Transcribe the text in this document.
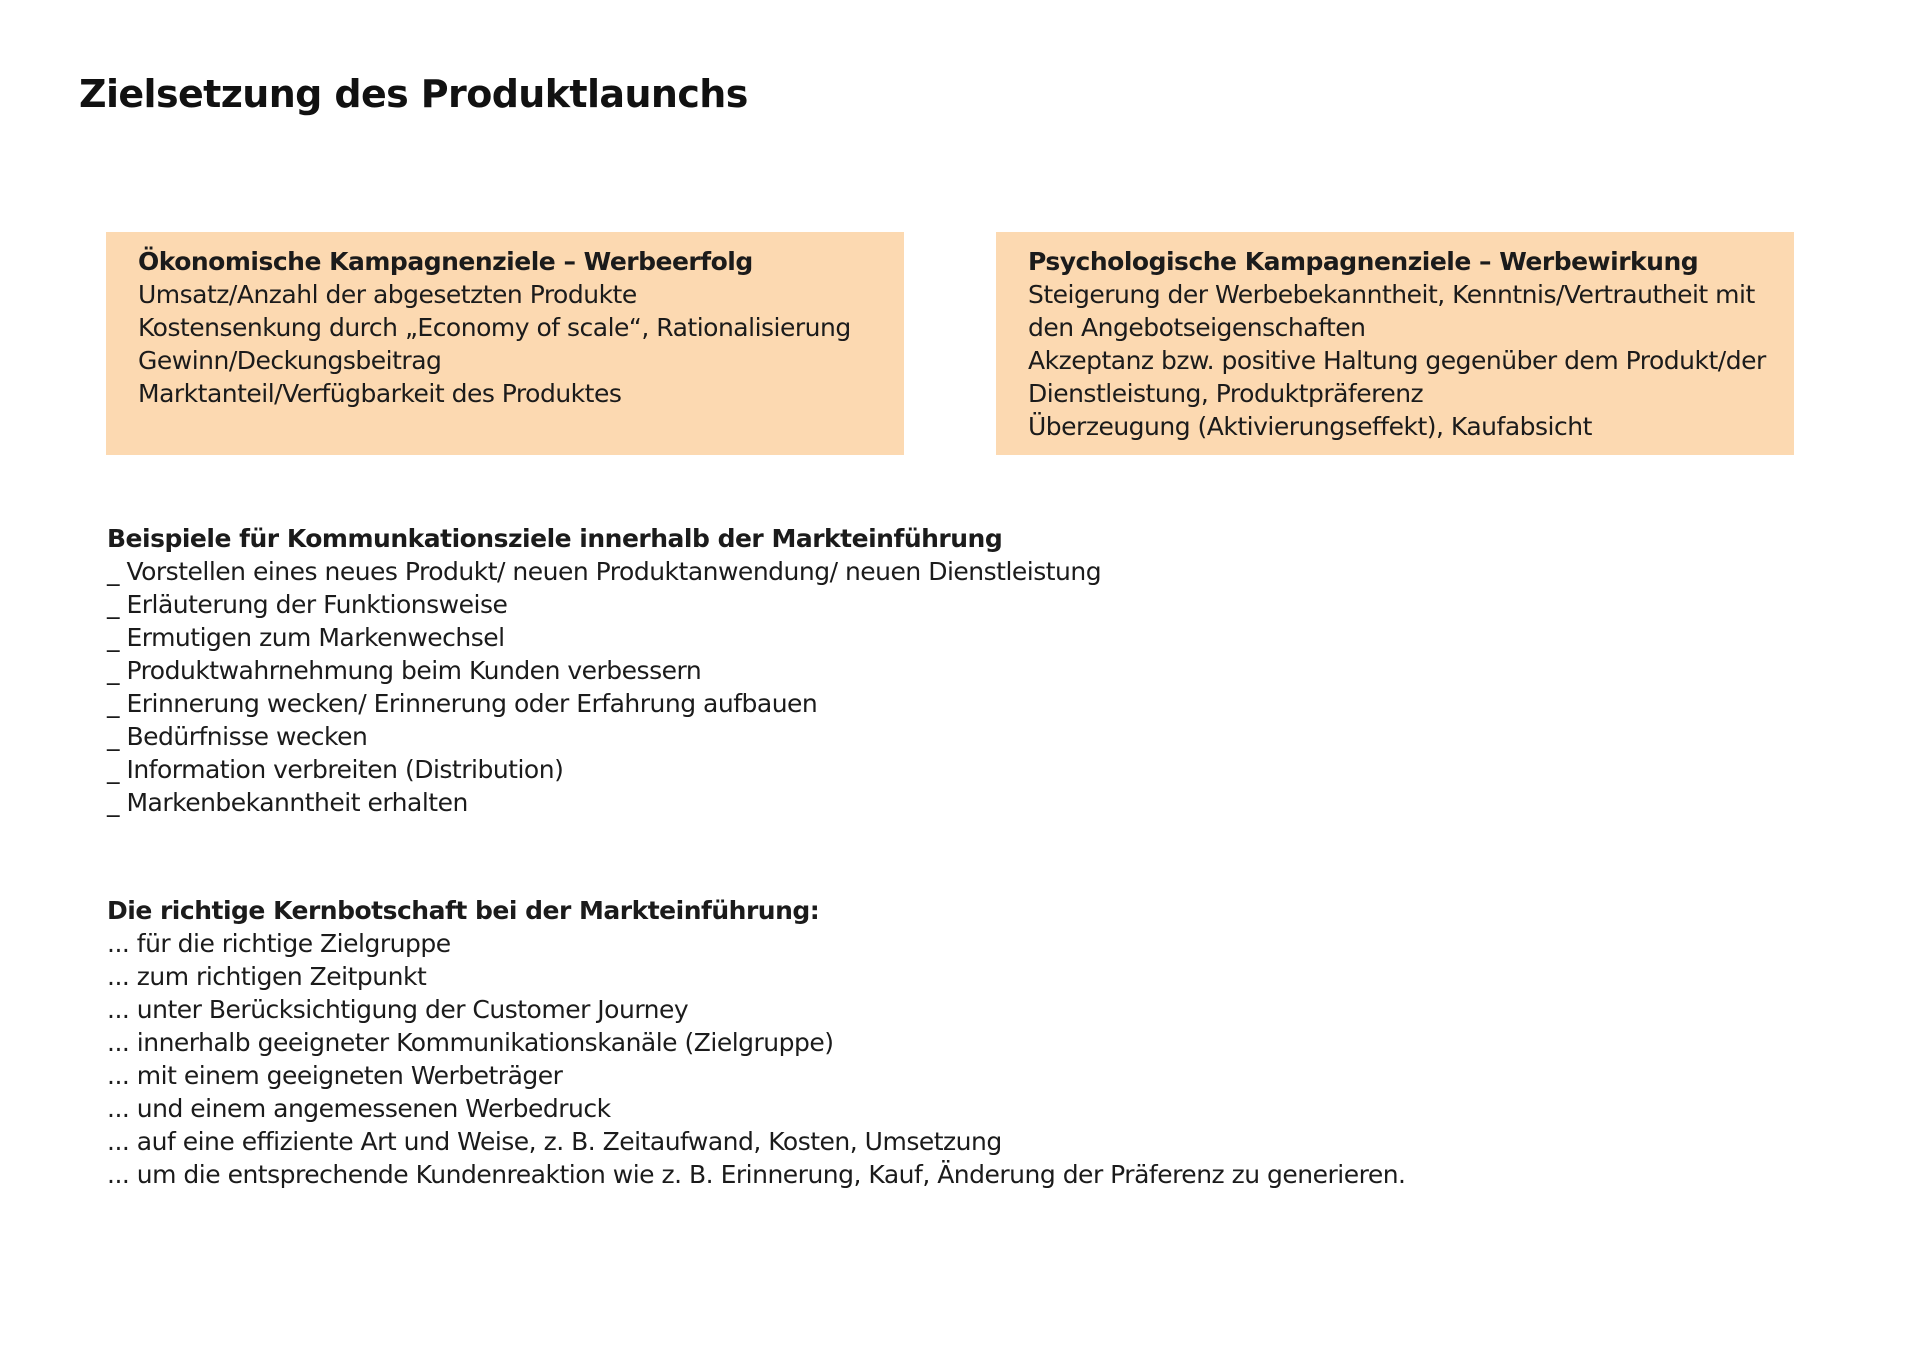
Zielsetzung des Produktlaunchs

Ökonomische Kampagnenziele – Werbeerfolg

Umsatz/Anzahl der abgesetzten Produkte

Kostensenkung durch „Economy of scale“, Rationalisierung

Gewinn/Deckungsbeitrag

Marktanteil/Verfügbarkeit des Produktes

Psychologische Kampagnenziele – Werbewirkung

Steigerung der Werbebekanntheit, Kenntnis/Vertrautheit mit

den Angebotseigenschaften

Akzeptanz bzw. positive Haltung gegenüber dem Produkt/der

Dienstleistung, Produktpräferenz

Überzeugung (Aktivierungseffekt), Kaufabsicht

Beispiele für Kommunkationsziele innerhalb der Markteinführung

_ Vorstellen eines neues Produkt/ neuen Produktanwendung/ neuen Dienstleistung
_ Erläuterung der Funktionsweise
_ Ermutigen zum Markenwechsel
_ Produktwahrnehmung beim Kunden verbessern
_ Erinnerung wecken/ Erinnerung oder Erfahrung aufbauen
_ Bedürfnisse wecken
_ Information verbreiten (Distribution)
_ Markenbekanntheit erhalten

Die richtige Kernbotschaft bei der Markteinführung:

... für die richtige Zielgruppe
... zum richtigen Zeitpunkt
... unter Berücksichtigung der Customer Journey
... innerhalb geeigneter Kommunikationskanäle (Zielgruppe)
... mit einem geeigneten Werbeträger
... und einem angemessenen Werbedruck
... auf eine effiziente Art und Weise, z. B. Zeitaufwand, Kosten, Umsetzung
... um die entsprechende Kundenreaktion wie z. B. Erinnerung, Kauf, Änderung der Präferenz zu generieren.
